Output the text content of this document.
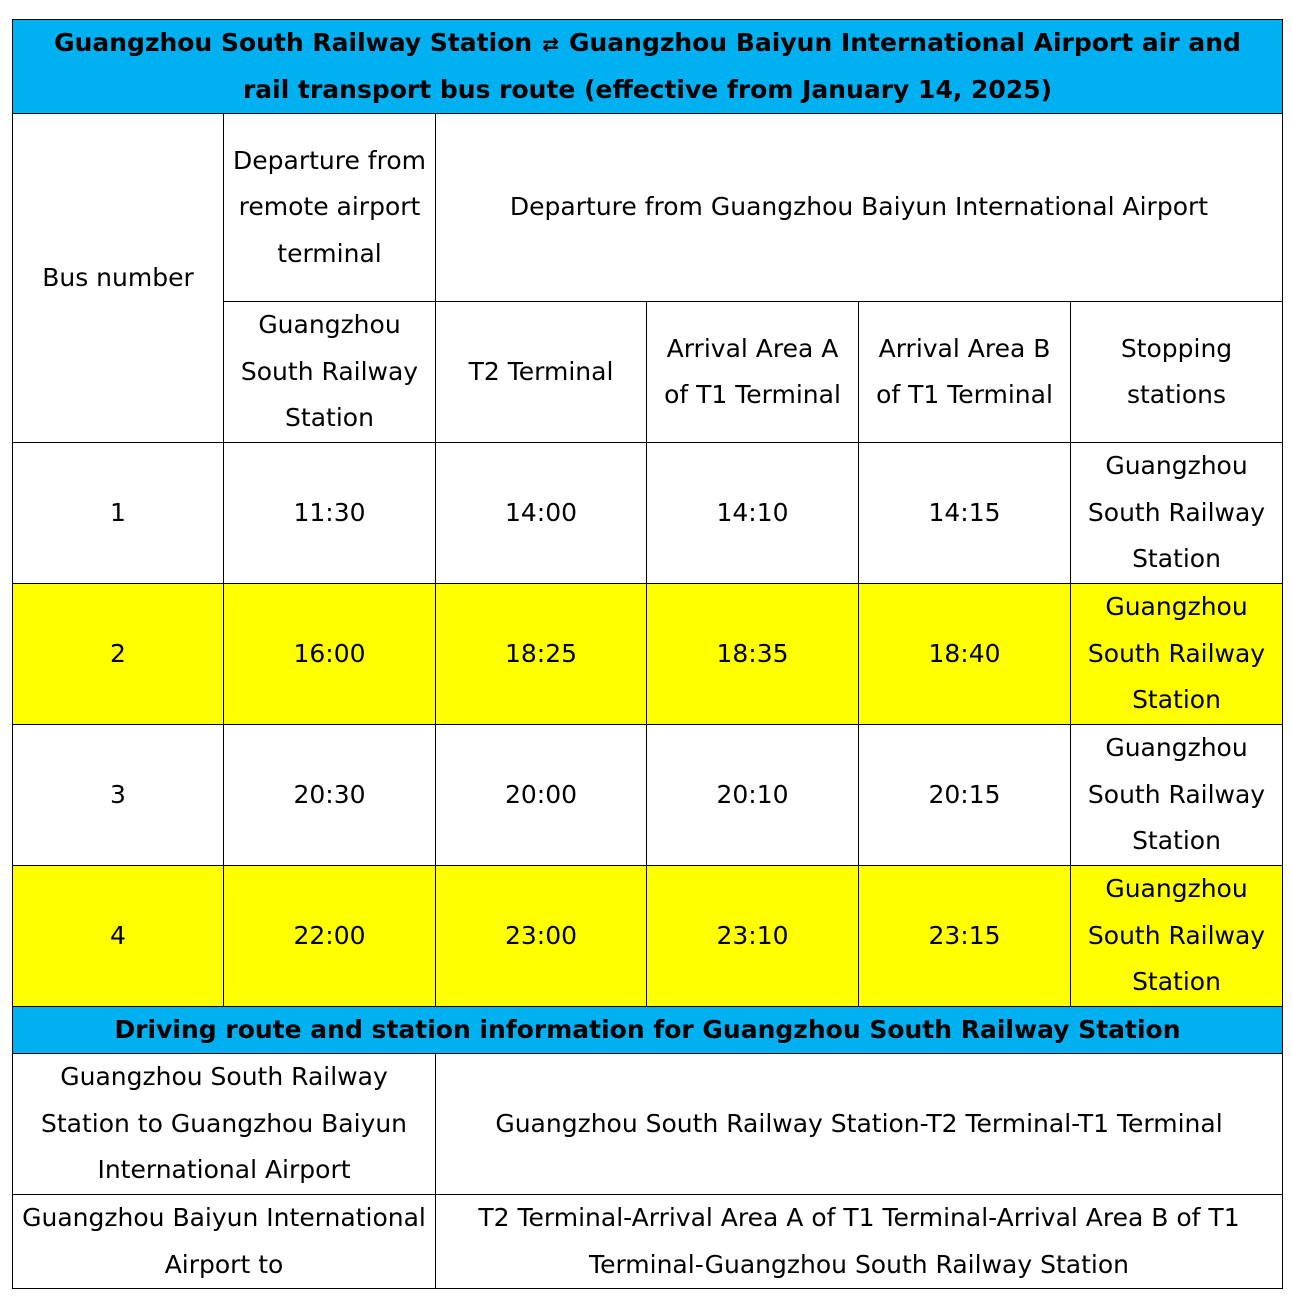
Guangzhou South Railway Station ⇄ Guangzhou Baiyun International Airport air and rail transport bus route (effective from January 14, 2025)					
Bus number	Departure from remote airport terminal	Departure from Guangzhou Baiyun International Airport			
	Guangzhou South Railway Station	T2 Terminal	Arrival Area A of T1 Terminal	Arrival Area B of T1 Terminal	Stopping stations
1	11:30	14:00	14:10	14:15	Guangzhou South Railway Station
2	16:00	18:25	18:35	18:40	Guangzhou South Railway Station
3	20:30	20:00	20:10	20:15	Guangzhou South Railway Station
4	22:00	23:00	23:10	23:15	Guangzhou South Railway Station
Driving route and station information for Guangzhou South Railway Station					
Guangzhou South Railway Station to Guangzhou Baiyun International Airport		Guangzhou South Railway Station-T2 Terminal-T1 Terminal			
Guangzhou Baiyun International Airport to		T2 Terminal-Arrival Area A of T1 Terminal-Arrival Area B of T1 Terminal-Guangzhou South Railway Station			
